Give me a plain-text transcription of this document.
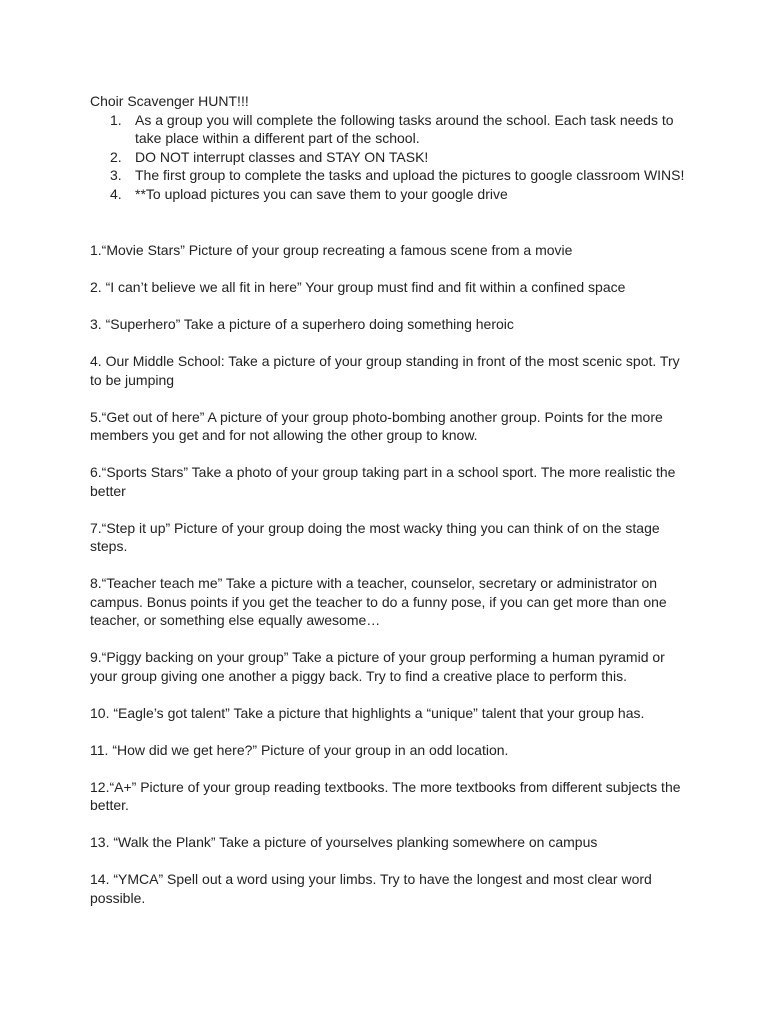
Choir Scavenger HUNT!!!

1. As a group you will complete the following tasks around the school. Each task needs to take place within a different part of the school.
2. DO NOT interrupt classes and STAY ON TASK!
3. The first group to complete the tasks and upload the pictures to google classroom WINS!
4. **To upload pictures you can save them to your google drive

1.“Movie Stars” Picture of your group recreating a famous scene from a movie

2. “I can’t believe we all fit in here” Your group must find and fit within a confined space

3. “Superhero” Take a picture of a superhero doing something heroic

4. Our Middle School: Take a picture of your group standing in front of the most scenic spot. Try to be jumping

5.“Get out of here” A picture of your group photo-bombing another group. Points for the more members you get and for not allowing the other group to know.

6.“Sports Stars” Take a photo of your group taking part in a school sport. The more realistic the better

7.“Step it up” Picture of your group doing the most wacky thing you can think of on the stage steps.

8.“Teacher teach me” Take a picture with a teacher, counselor, secretary or administrator on campus. Bonus points if you get the teacher to do a funny pose, if you can get more than one teacher, or something else equally awesome…

9.“Piggy backing on your group” Take a picture of your group performing a human pyramid or your group giving one another a piggy back. Try to find a creative place to perform this.

10. “Eagle’s got talent” Take a picture that highlights a “unique” talent that your group has.

11. “How did we get here?” Picture of your group in an odd location.

12.“A+” Picture of your group reading textbooks. The more textbooks from different subjects the better.

13. “Walk the Plank” Take a picture of yourselves planking somewhere on campus

14. “YMCA” Spell out a word using your limbs. Try to have the longest and most clear word possible.
